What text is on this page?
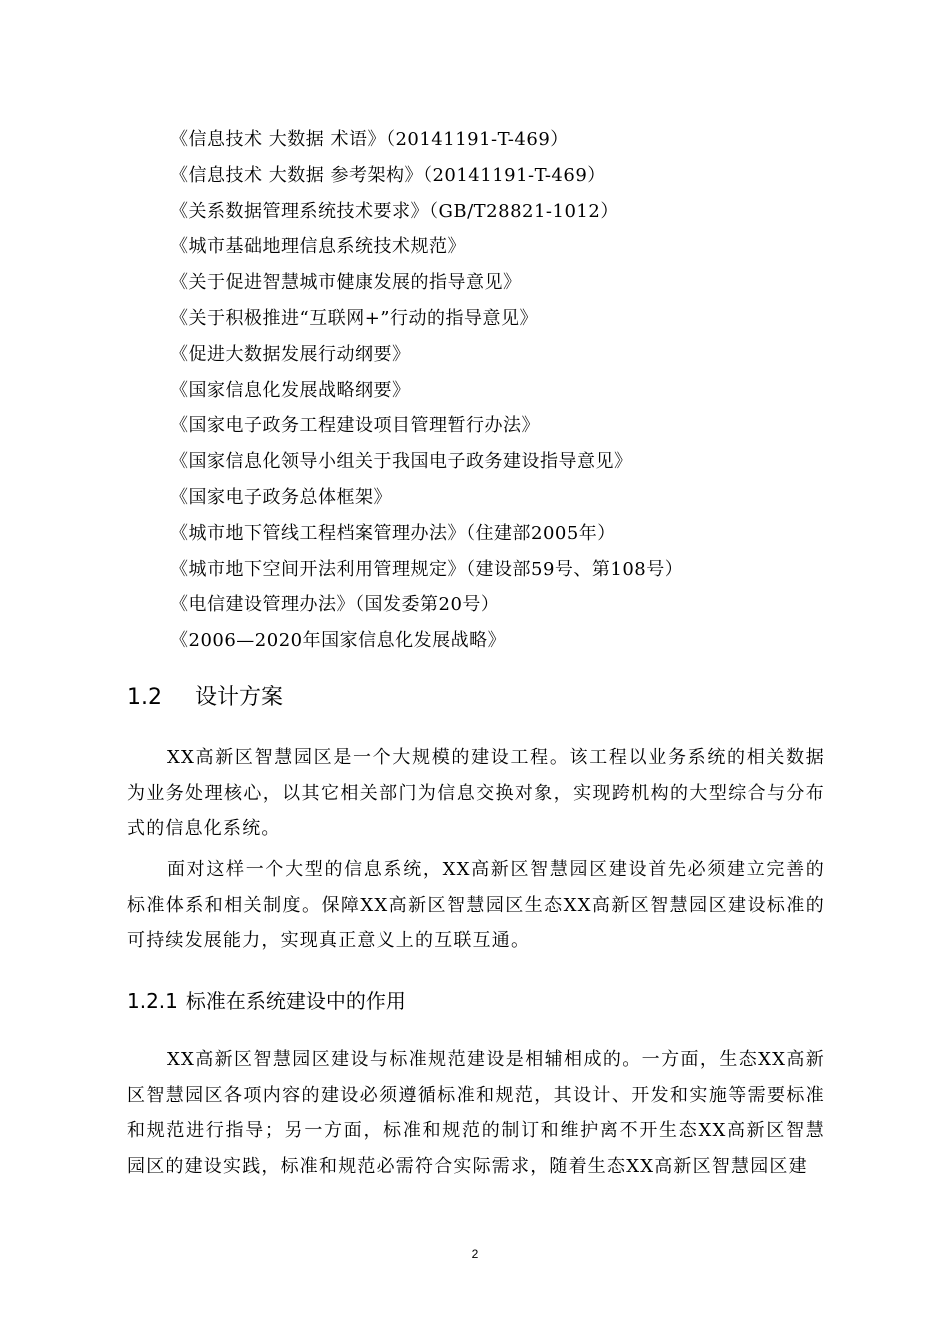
《信息技术 大数据 术语》（20141191-T-469）
《信息技术 大数据 参考架构》（20141191-T-469）
《关系数据管理系统技术要求》（GB/T28821-1012）
《城市基础地理信息系统技术规范》
《关于促进智慧城市健康发展的指导意见》
《关于积极推进“互联网+”行动的指导意见》
《促进大数据发展行动纲要》
《国家信息化发展战略纲要》
《国家电子政务工程建设项目管理暂行办法》
《国家信息化领导小组关于我国电子政务建设指导意见》
《国家电子政务总体框架》
《城市地下管线工程档案管理办法》（住建部2005年）
《城市地下空间开法利用管理规定》（建设部59号、第108号）
《电信建设管理办法》（国发委第20号）
《2006—2020年国家信息化发展战略》
1.2 设计方案

XX高新区智慧园区是一个大规模的建设工程。该工程以业务系统的相关数据为业务处理核心，以其它相关部门为信息交换对象，实现跨机构的大型综合与分布式的信息化系统。

面对这样一个大型的信息系统，XX高新区智慧园区建设首先必须建立完善的标准体系和相关制度。保障XX高新区智慧园区生态XX高新区智慧园区建设标准的可持续发展能力，实现真正意义上的互联互通。

1.2.1 标准在系统建设中的作用

XX高新区智慧园区建设与标准规范建设是相辅相成的。一方面，生态XX高新区智慧园区各项内容的建设必须遵循标准和规范，其设计、开发和实施等需要标准和规范进行指导；另一方面，标准和规范的制订和维护离不开生态XX高新区智慧园区的建设实践，标准和规范必需符合实际需求，随着生态XX高新区智慧园区建

2
